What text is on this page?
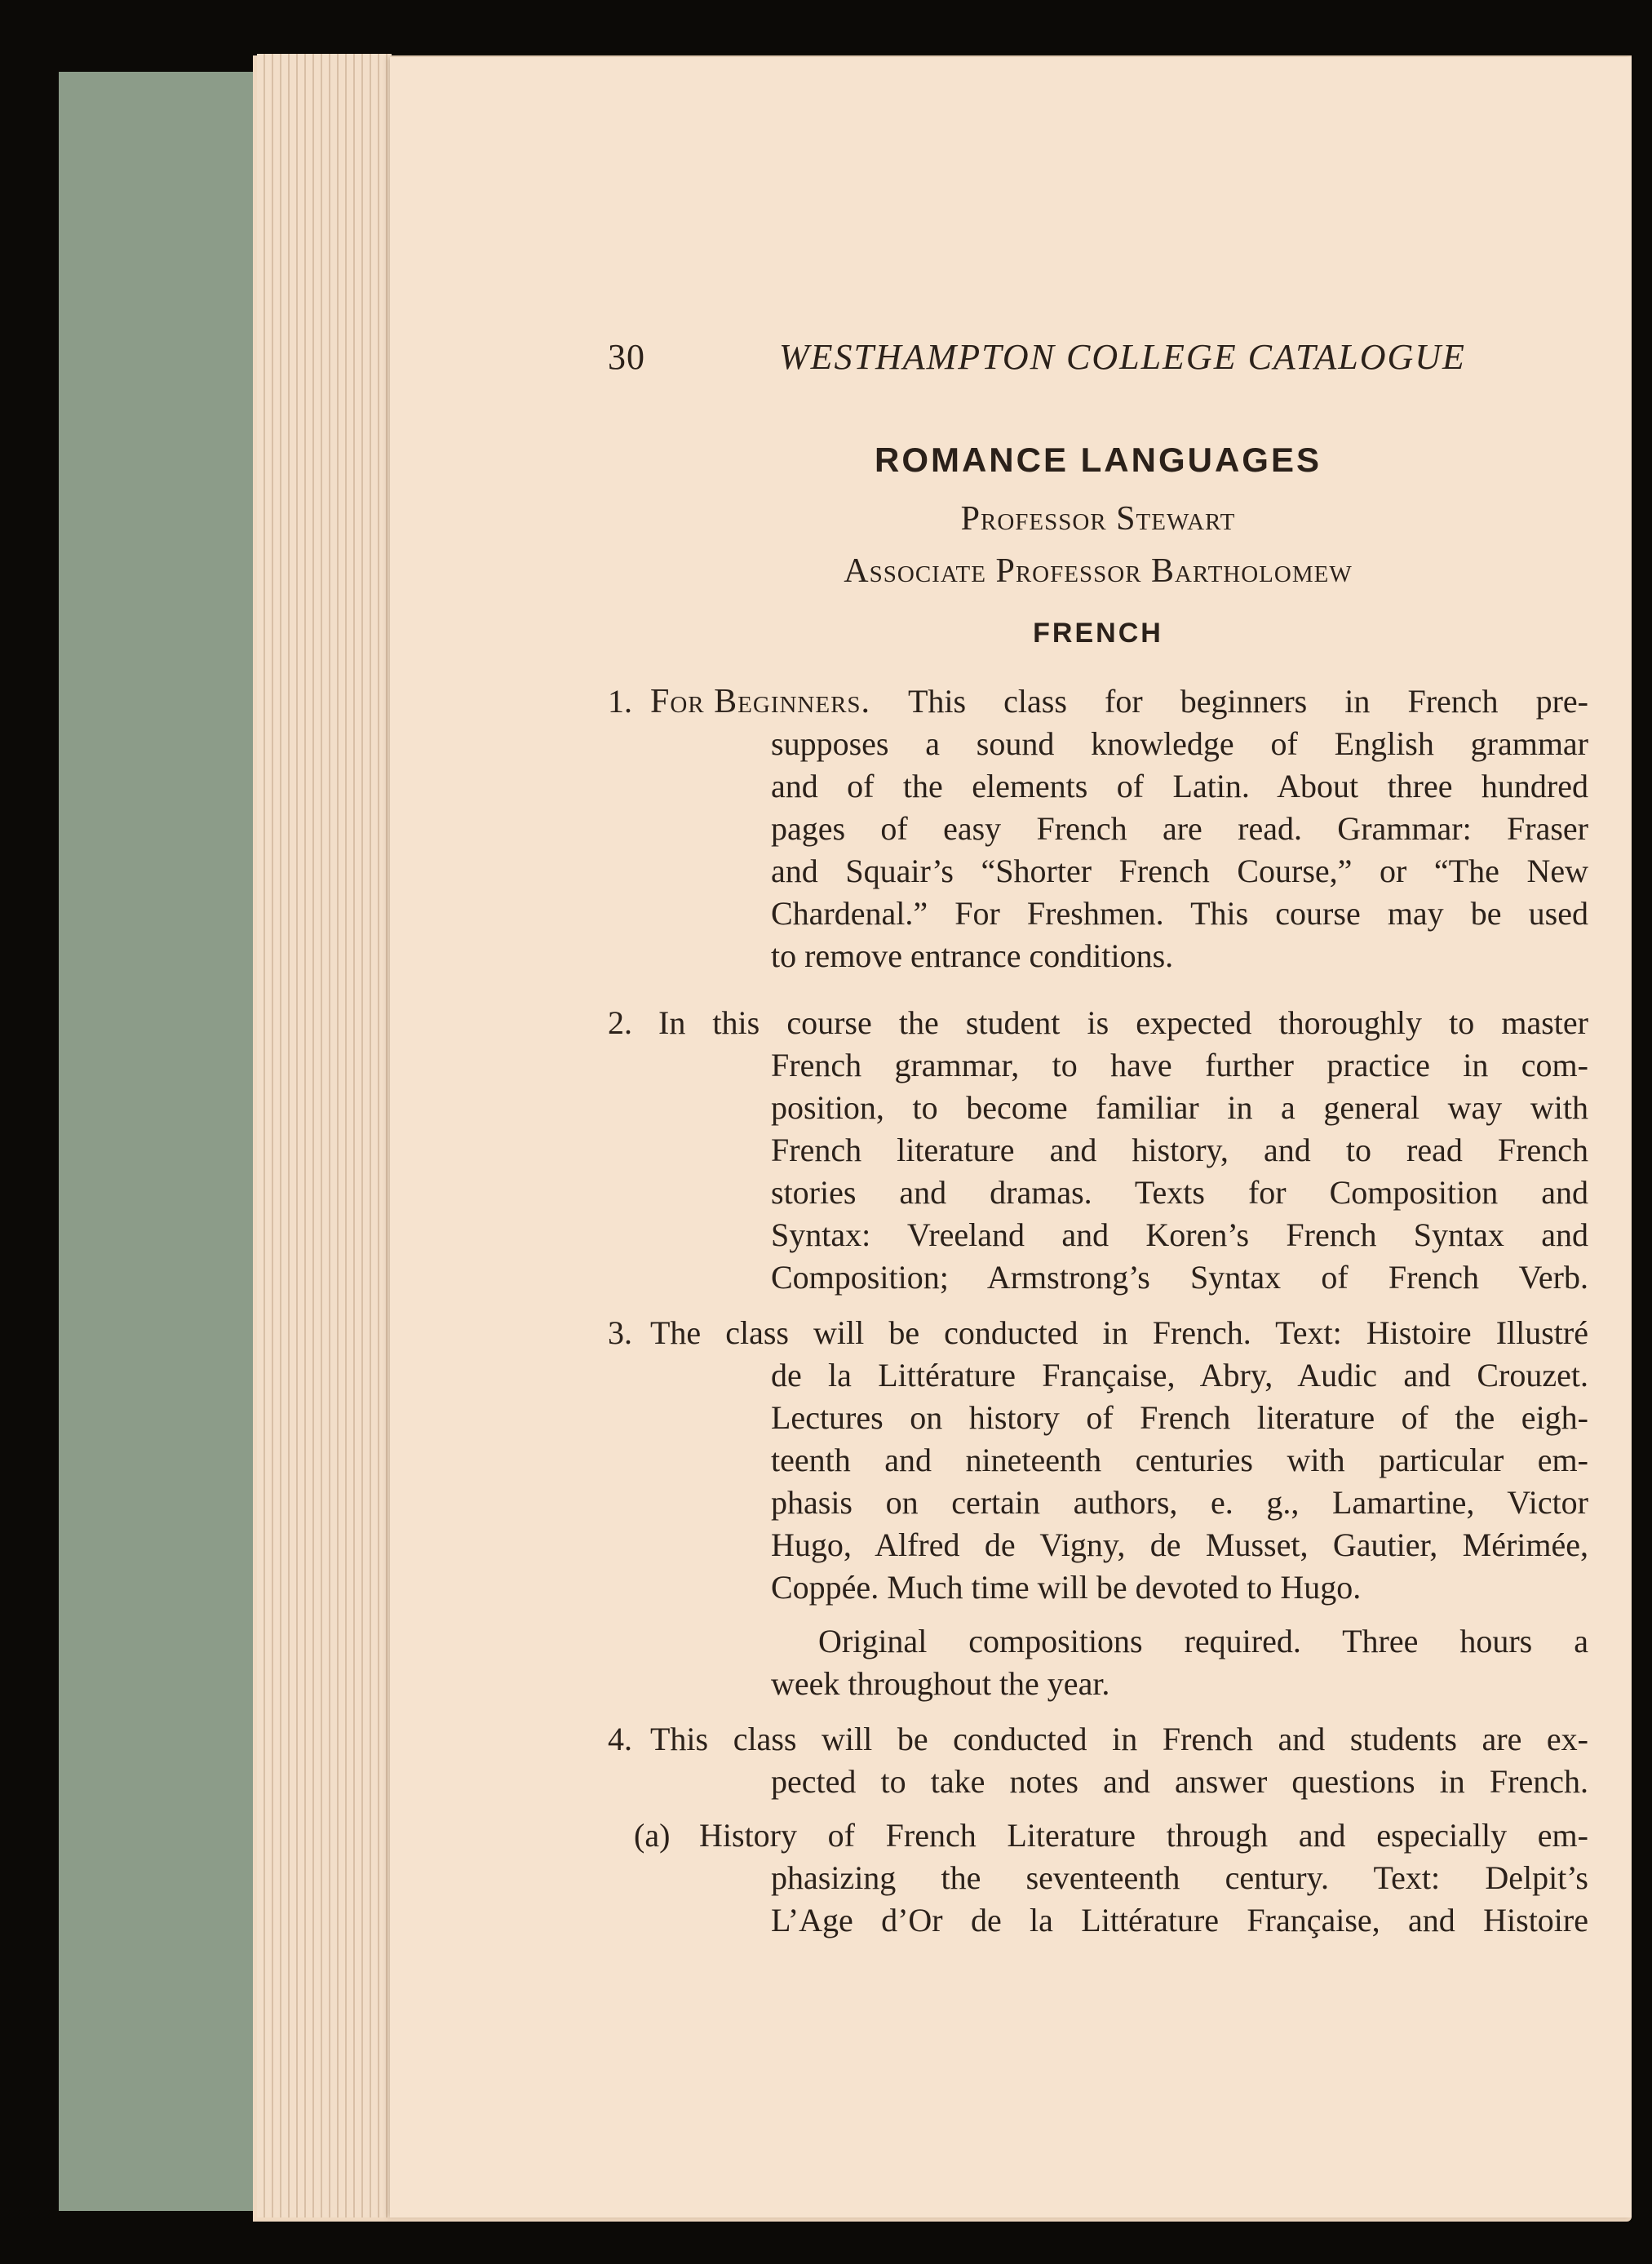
30	WESTHAMPTON COLLEGE CATALOGUE
ROMANCE LANGUAGES
Professor Stewart
Associate Professor Bartholomew
FRENCH
1. For Beginners. This class for beginners in French pre-
supposes a sound knowledge of English grammar
and of the elements of Latin. About three hundred
pages of easy French are read. Grammar: Fraser
and Squair’s “Shorter French Course,” or “The New
Chardenal.” For Freshmen. This course may be used
to remove entrance conditions.
2. In this course the student is expected thoroughly to master
French grammar, to have further practice in com-
position, to become familiar in a general way with
French literature and history, and to read French
stories and dramas. Texts for Composition and
Syntax: Vreeland and Koren’s French Syntax and
Composition; Armstrong’s Syntax of French Verb.
3. The class will be conducted in French. Text: Histoire Illustré
de la Littérature Française, Abry, Audic and Crouzet.
Lectures on history of French literature of the eigh-
teenth and nineteenth centuries with particular em-
phasis on certain authors, e. g., Lamartine, Victor
Hugo, Alfred de Vigny, de Musset, Gautier, Mérimée,
Coppée. Much time will be devoted to Hugo.
Original compositions required. Three hours a
week throughout the year.
4. This class will be conducted in French and students are ex-
pected to take notes and answer questions in French.
(a) History of French Literature through and especially em-
phasizing the seventeenth century. Text: Delpit’s
L’Age d’Or de la Littérature Française, and Histoire
